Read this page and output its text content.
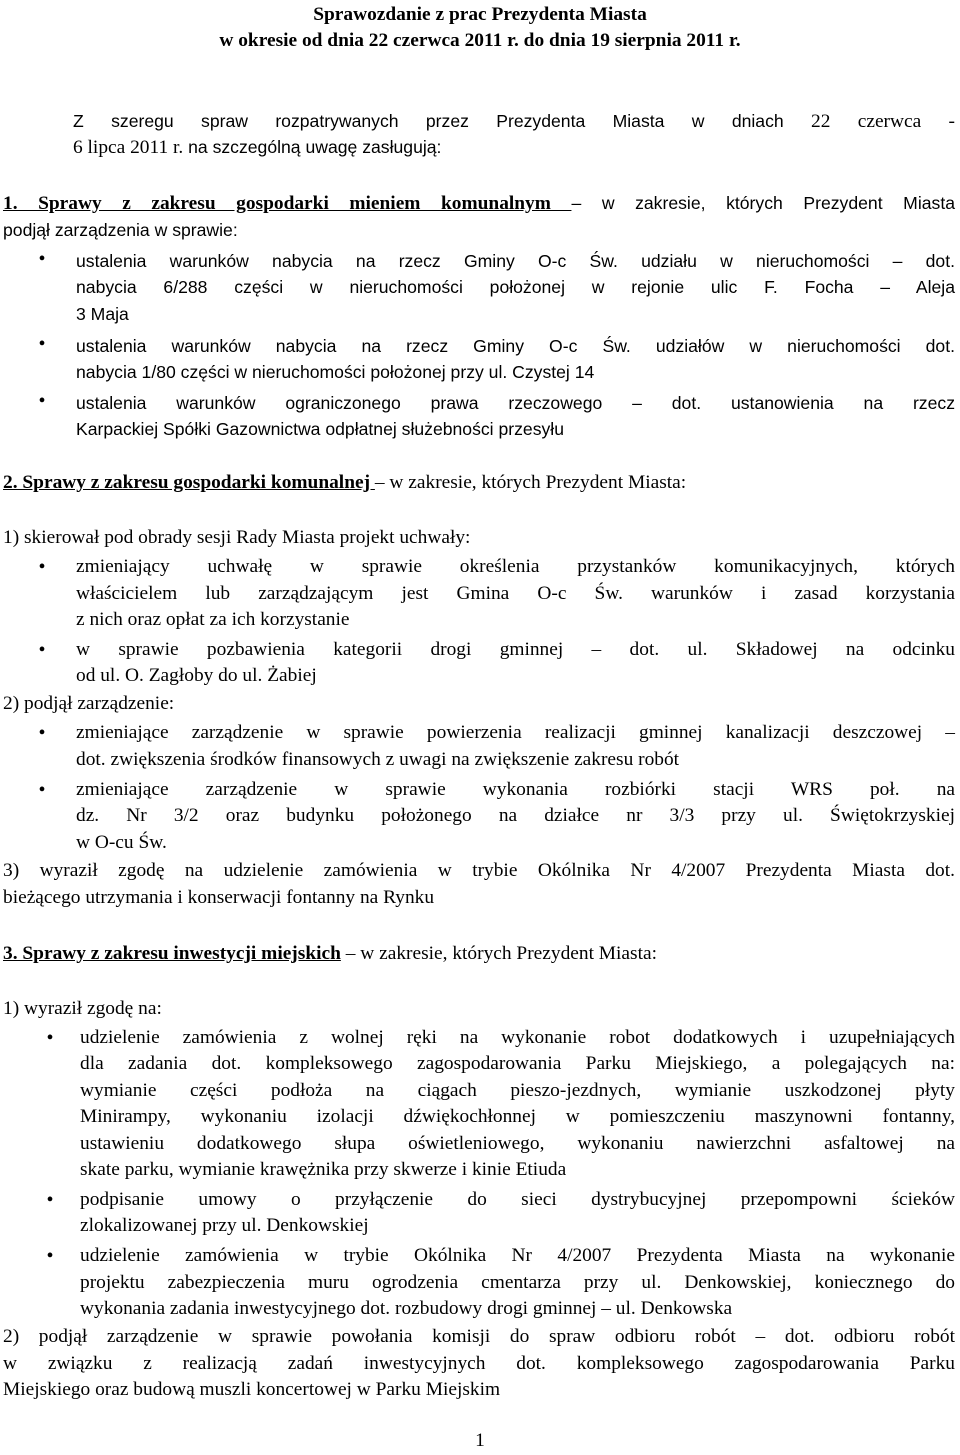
Sprawozdanie z prac Prezydenta Miasta
w okresie od dnia 22 czerwca 2011 r. do dnia 19 sierpnia 2011 r.
Z szeregu spraw rozpatrywanych przez Prezydenta Miasta w dniach 22 czerwca -
6 lipca 2011 r. na szczególną uwagę zasługują:
1. Sprawy z zakresu gospodarki mieniem komunalnym – w zakresie, których Prezydent Miasta
podjął zarządzenia w sprawie:
•	ustalenia warunków nabycia na rzecz Gminy O-c Św. udziału w nieruchomości – dot.
nabycia 6/288 części w nieruchomości położonej w rejonie ulic F. Focha – Aleja
3 Maja
•	ustalenia warunków nabycia na rzecz Gminy O-c Św. udziałów w nieruchomości dot.
nabycia 1/80 części w nieruchomości położonej przy ul. Czystej 14
•	ustalenia warunków ograniczonego prawa rzeczowego – dot. ustanowienia na rzecz
Karpackiej Spółki Gazownictwa odpłatnej służebności przesyłu
2. Sprawy z zakresu gospodarki komunalnej – w zakresie, których Prezydent Miasta:
1) skierował pod obrady sesji Rady Miasta projekt uchwały:
•	zmieniający uchwałę w sprawie określenia przystanków komunikacyjnych, których
właścicielem lub zarządzającym jest Gmina O-c Św. warunków i zasad korzystania
z nich oraz opłat za ich korzystanie
•	w sprawie pozbawienia kategorii drogi gminnej – dot. ul. Składowej na odcinku
od ul. O. Zagłoby do ul. Żabiej
2) podjął zarządzenie:
•	zmieniające zarządzenie w sprawie powierzenia realizacji gminnej kanalizacji deszczowej –
dot. zwiększenia środków finansowych z uwagi na zwiększenie zakresu robót
•	zmieniające zarządzenie w sprawie wykonania rozbiórki stacji WRS poł. na
dz. Nr 3/2 oraz budynku położonego na działce nr 3/3 przy ul. Świętokrzyskiej
w O-cu Św.
3) wyraził zgodę na udzielenie zamówienia w trybie Okólnika Nr 4/2007 Prezydenta Miasta dot.
bieżącego utrzymania i konserwacji fontanny na Rynku
3. Sprawy z zakresu inwestycji miejskich – w zakresie, których Prezydent Miasta:
1) wyraził zgodę na:
•	udzielenie zamówienia z wolnej ręki na wykonanie robot dodatkowych i uzupełniających
dla zadania dot. kompleksowego zagospodarowania Parku Miejskiego, a polegających na:
wymianie części podłoża na ciągach pieszo-jezdnych, wymianie uszkodzonej płyty
Minirampy, wykonaniu izolacji dźwiękochłonnej w pomieszczeniu maszynowni fontanny,
ustawieniu dodatkowego słupa oświetleniowego, wykonaniu nawierzchni asfaltowej na
skate parku, wymianie krawężnika przy skwerze i kinie Etiuda
•	podpisanie umowy o przyłączenie do sieci dystrybucyjnej przepompowni ścieków
zlokalizowanej przy ul. Denkowskiej
•	udzielenie zamówienia w trybie Okólnika Nr 4/2007 Prezydenta Miasta na wykonanie
projektu zabezpieczenia muru ogrodzenia cmentarza przy ul. Denkowskiej, koniecznego do
wykonania zadania inwestycyjnego dot. rozbudowy drogi gminnej – ul. Denkowska
2) podjął zarządzenie w sprawie powołania komisji do spraw odbioru robót – dot. odbioru robót
w związku z realizacją zadań inwestycyjnych dot. kompleksowego zagospodarowania Parku
Miejskiego oraz budową muszli koncertowej w Parku Miejskim
1
